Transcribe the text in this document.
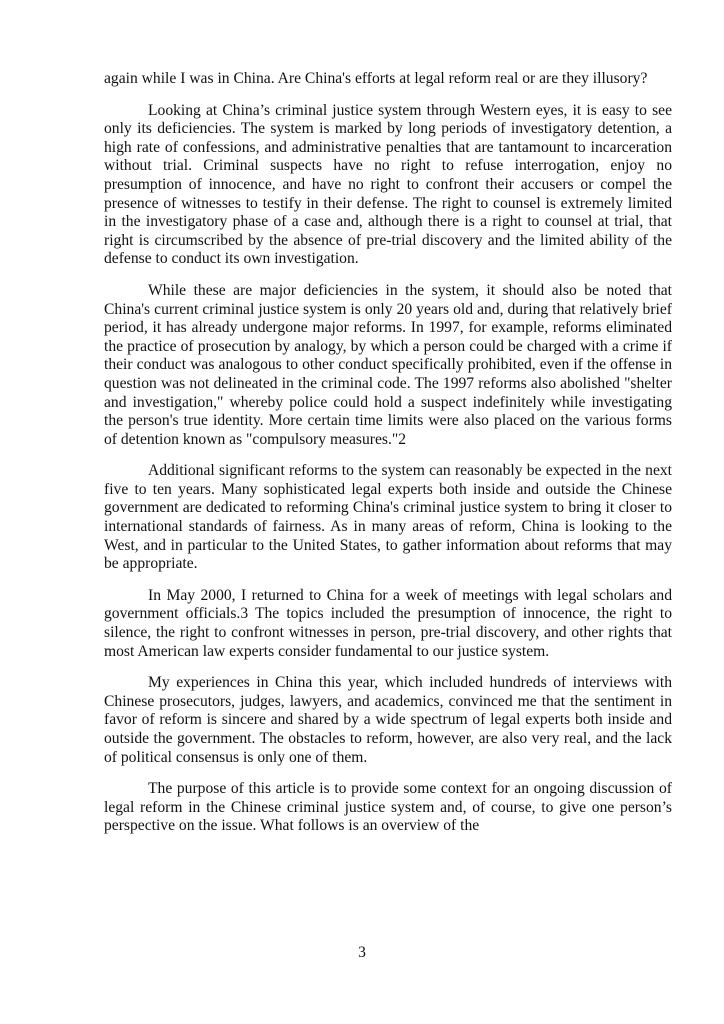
again while I was in China. Are China's efforts at legal reform real or are they illusory?

Looking at China’s criminal justice system through Western eyes, it is easy to see only its deficiencies. The system is marked by long periods of investigatory detention, a high rate of confessions, and administrative penalties that are tantamount to incarceration without trial. Criminal suspects have no right to refuse interrogation, enjoy no presumption of innocence, and have no right to confront their accusers or compel the presence of witnesses to testify in their defense. The right to counsel is extremely limited in the investigatory phase of a case and, although there is a right to counsel at trial, that right is circumscribed by the absence of pre-trial discovery and the limited ability of the defense to conduct its own investigation.

While these are major deficiencies in the system, it should also be noted that China's current criminal justice system is only 20 years old and, during that relatively brief period, it has already undergone major reforms. In 1997, for example, reforms eliminated the practice of prosecution by analogy, by which a person could be charged with a crime if their conduct was analogous to other conduct specifically prohibited, even if the offense in question was not delineated in the criminal code. The 1997 reforms also abolished "shelter and investigation," whereby police could hold a suspect indefinitely while investigating the person's true identity. More certain time limits were also placed on the various forms of detention known as "compulsory measures."2

Additional significant reforms to the system can reasonably be expected in the next five to ten years. Many sophisticated legal experts both inside and outside the Chinese government are dedicated to reforming China's criminal justice system to bring it closer to international standards of fairness. As in many areas of reform, China is looking to the West, and in particular to the United States, to gather information about reforms that may be appropriate.

In May 2000, I returned to China for a week of meetings with legal scholars and government officials.3 The topics included the presumption of innocence, the right to silence, the right to confront witnesses in person, pre-trial discovery, and other rights that most American law experts consider fundamental to our justice system.

My experiences in China this year, which included hundreds of interviews with Chinese prosecutors, judges, lawyers, and academics, convinced me that the sentiment in favor of reform is sincere and shared by a wide spectrum of legal experts both inside and outside the government. The obstacles to reform, however, are also very real, and the lack of political consensus is only one of them.

The purpose of this article is to provide some context for an ongoing discussion of legal reform in the Chinese criminal justice system and, of course, to give one person’s perspective on the issue. What follows is an overview of the

3
